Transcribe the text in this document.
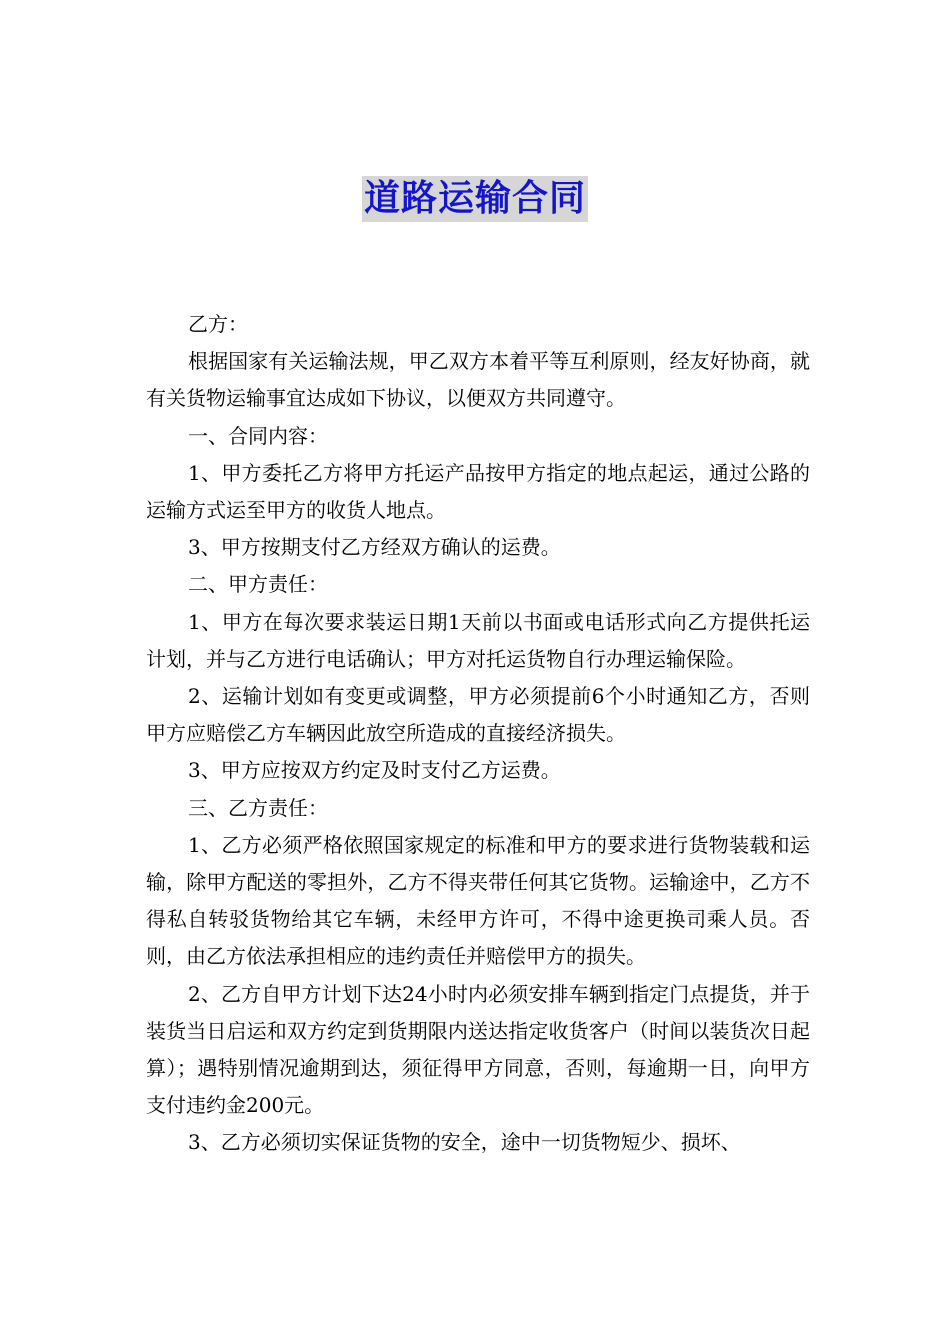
道路运输合同

乙方：

根据国家有关运输法规，甲乙双方本着平等互利原则，经友好协商，就有关货物运输事宜达成如下协议，以便双方共同遵守。

一、合同内容：

1、甲方委托乙方将甲方托运产品按甲方指定的地点起运，通过公路的运输方式运至甲方的收货人地点。

3、甲方按期支付乙方经双方确认的运费。

二、甲方责任：

1、甲方在每次要求装运日期1天前以书面或电话形式向乙方提供托运计划，并与乙方进行电话确认；甲方对托运货物自行办理运输保险。

2、运输计划如有变更或调整，甲方必须提前6个小时通知乙方，否则甲方应赔偿乙方车辆因此放空所造成的直接经济损失。

3、甲方应按双方约定及时支付乙方运费。

三、乙方责任：

1、乙方必须严格依照国家规定的标准和甲方的要求进行货物装载和运输，除甲方配送的零担外，乙方不得夹带任何其它货物。运输途中，乙方不得私自转驳货物给其它车辆，未经甲方许可，不得中途更换司乘人员。否则，由乙方依法承担相应的违约责任并赔偿甲方的损失。

2、乙方自甲方计划下达24小时内必须安排车辆到指定门点提货，并于装货当日启运和双方约定到货期限内送达指定收货客户（时间以装货次日起算）；遇特别情况逾期到达，须征得甲方同意，否则，每逾期一日，向甲方支付违约金200元。

3、乙方必须切实保证货物的安全，途中一切货物短少、损坏、
